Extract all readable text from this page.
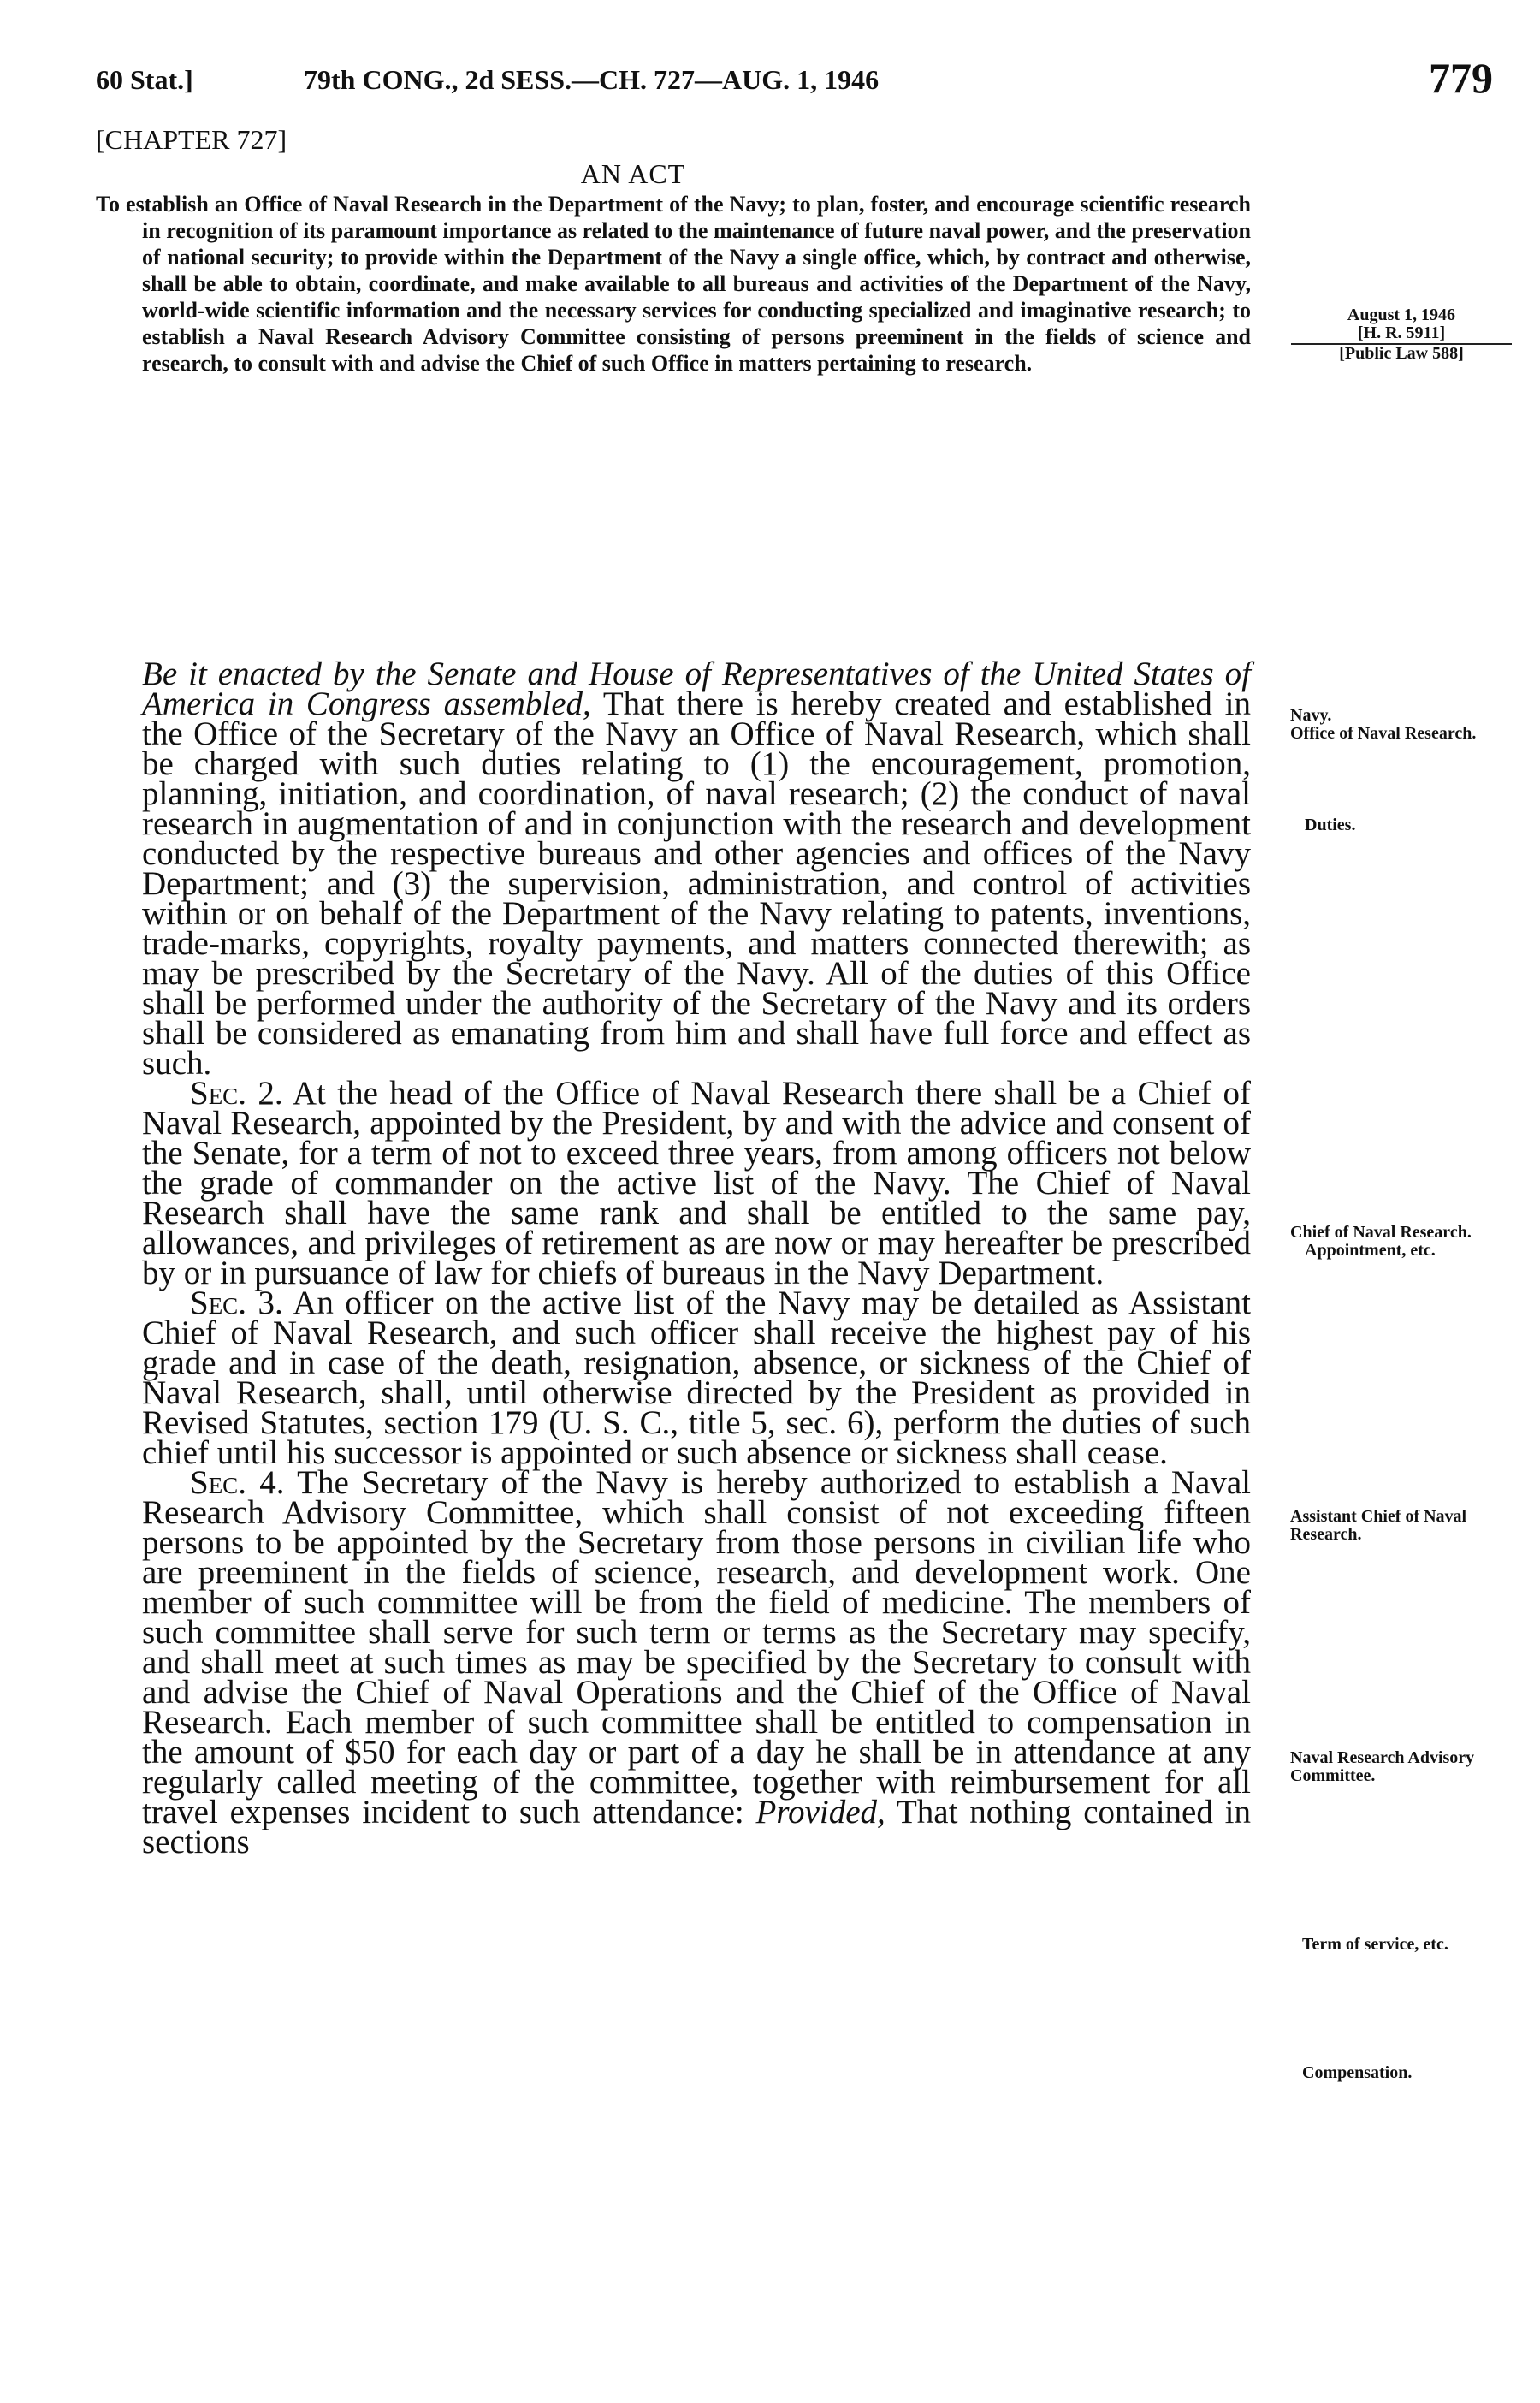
60 Stat.]	79th CONG., 2d SESS.—CH. 727—AUG. 1, 1946	779
[CHAPTER 727]
AN ACT
August 1, 1946
[H. R. 5911]
[Public Law 588]
To establish an Office of Naval Research in the Department of the Navy; to plan, foster, and encourage scientific research in recognition of its paramount importance as related to the maintenance of future naval power, and the preservation of national security; to provide within the Department of the Navy a single office, which, by contract and otherwise, shall be able to obtain, coordinate, and make available to all bureaus and activities of the Department of the Navy, world-wide scientific information and the necessary services for conducting specialized and imaginative research; to establish a Naval Research Advisory Committee consisting of persons preeminent in the fields of science and research, to consult with and advise the Chief of such Office in matters pertaining to research.

Be it enacted by the Senate and House of Representatives of the United States of America in Congress assembled, That there is hereby created and established in the Office of the Secretary of the Navy an Office of Naval Research, which shall be charged with such duties relating to (1) the encouragement, promotion, planning, initiation, and coordination, of naval research; (2) the conduct of naval research in augmentation of and in conjunction with the research and development conducted by the respective bureaus and other agencies and offices of the Navy Department; and (3) the supervision, administration, and control of activities within or on behalf of the Department of the Navy relating to patents, inventions, trade-marks, copyrights, royalty payments, and matters connected therewith; as may be prescribed by the Secretary of the Navy. All of the duties of this Office shall be performed under the authority of the Secretary of the Navy and its orders shall be considered as emanating from him and shall have full force and effect as such.

Sec. 2. At the head of the Office of Naval Research there shall be a Chief of Naval Research, appointed by the President, by and with the advice and consent of the Senate, for a term of not to exceed three years, from among officers not below the grade of commander on the active list of the Navy. The Chief of Naval Research shall have the same rank and shall be entitled to the same pay, allowances, and privileges of retirement as are now or may hereafter be prescribed by or in pursuance of law for chiefs of bureaus in the Navy Department.

Sec. 3. An officer on the active list of the Navy may be detailed as Assistant Chief of Naval Research, and such officer shall receive the highest pay of his grade and in case of the death, resignation, absence, or sickness of the Chief of Naval Research, shall, until otherwise directed by the President as provided in Revised Statutes, section 179 (U. S. C., title 5, sec. 6), perform the duties of such chief until his successor is appointed or such absence or sickness shall cease.

Sec. 4. The Secretary of the Navy is hereby authorized to establish a Naval Research Advisory Committee, which shall consist of not exceeding fifteen persons to be appointed by the Secretary from those persons in civilian life who are preeminent in the fields of science, research, and development work. One member of such committee will be from the field of medicine. The members of such committee shall serve for such term or terms as the Secretary may specify, and shall meet at such times as may be specified by the Secretary to consult with and advise the Chief of Naval Operations and the Chief of the Office of Naval Research. Each member of such committee shall be entitled to compensation in the amount of $50 for each day or part of a day he shall be in attendance at any regularly called meeting of the committee, together with reimbursement for all travel expenses incident to such attendance: Provided, That nothing contained in sections

Navy.
Office of Naval Research.
Duties.
Chief of Naval Research.
Appointment, etc.
Assistant Chief of Naval Research.
Naval Research Advisory Committee.
Term of service, etc.
Compensation.
